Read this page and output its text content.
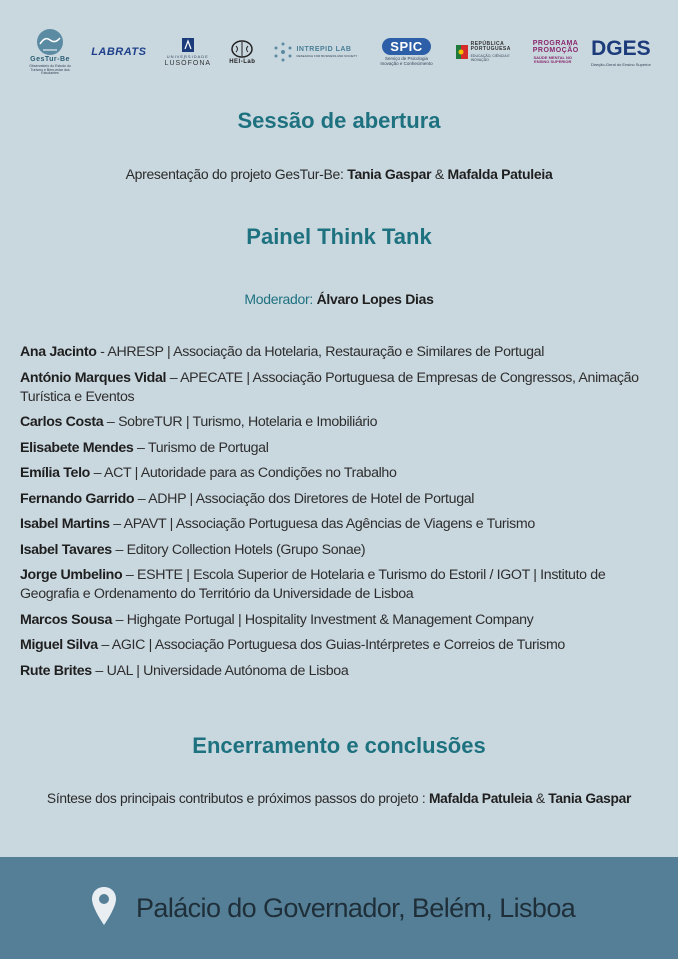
GesTur-Be
Observatório do Estudo do Turismo e Bem-estar dos Estudantes
LABRATS	UNIVERSIDADE
LUSÓFONA	HEI-Lab
INTREPID LAB
RESEARCH FOR BUSINESS AND SOCIETY
SPIC
Serviço de Psicologia Inovação e Conhecimento
REPÚBLICA PORTUGUESA
EDUCAÇÃO, CIÊNCIA E INOVAÇÃO
PROGRAMA PROMOÇÃO
SAÚDE MENTAL NO ENSINO SUPERIOR
DGES
Direção-Geral do Ensino Superior
Sessão de abertura
Apresentação do projeto GesTur-Be: Tania Gaspar & Mafalda Patuleia
Painel Think Tank
Moderador: Álvaro Lopes Dias
Ana Jacinto - AHRESP | Associação da Hotelaria, Restauração e Similares de Portugal
António Marques Vidal – APECATE | Associação Portuguesa de Empresas de Congressos, Animação Turística e Eventos
Carlos Costa – SobreTUR | Turismo, Hotelaria e Imobiliário
Elisabete Mendes – Turismo de Portugal
Emília Telo – ACT | Autoridade para as Condições no Trabalho
Fernando Garrido – ADHP | Associação dos Diretores de Hotel de Portugal
Isabel Martins – APAVT | Associação Portuguesa das Agências de Viagens e Turismo
Isabel Tavares – Editory Collection Hotels (Grupo Sonae)
Jorge Umbelino – ESHTE | Escola Superior de Hotelaria e Turismo do Estoril / IGOT | Instituto de Geografia e Ordenamento do Território da Universidade de Lisboa
Marcos Sousa – Highgate Portugal | Hospitality Investment & Management Company
Miguel Silva – AGIC | Associação Portuguesa dos Guias-Intérpretes e Correios de Turismo
Rute Brites – UAL | Universidade Autónoma de Lisboa
Encerramento e conclusões
Síntese dos principais contributos e próximos passos do projeto : Mafalda Patuleia & Tania Gaspar
Palácio do Governador, Belém, Lisboa
